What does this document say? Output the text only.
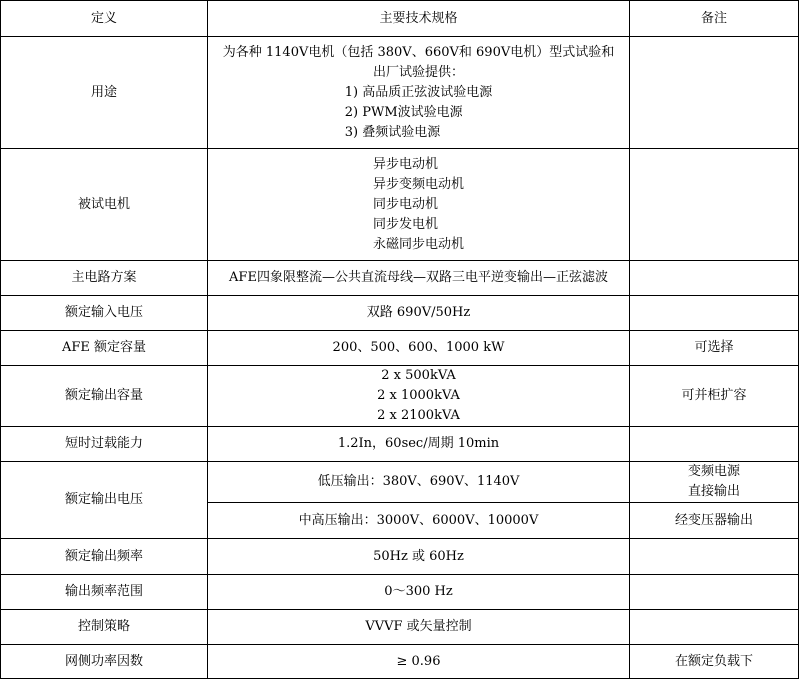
定义	主要技术规格	备注
用途	为各种 1140V电机（包括 380V、660V和 690V电机）型式试验和
出厂试验提供：
1) 高品质正弦波试验电源
2) PWM波试验电源
3) 叠频试验电源	

被试电机	异步电动机
异步变频电动机
同步电动机
同步发电机
永磁同步电动机	

主电路方案	AFE四象限整流—公共直流母线—双路三电平逆变输出—正弦滤波	
额定输入电压	双路 690V/50Hz	
AFE 额定容量	200、500、600、1000 kW	可选择
额定输出容量	2 x 500kVA
2 x 1000kVA
2 x 2100kVA	可并柜扩容
短时过载能力	1.2In，60sec/周期 10min	
额定输出电压	低压输出：380V、690V、1140V	变频电源
直接输出

	中高压输出：3000V、6000V、10000V	经变压器输出
额定输出频率	50Hz 或 60Hz	
输出频率范围	0～300 Hz	
控制策略	VVVF 或矢量控制	
网侧功率因数	≥ 0.96	在额定负载下
